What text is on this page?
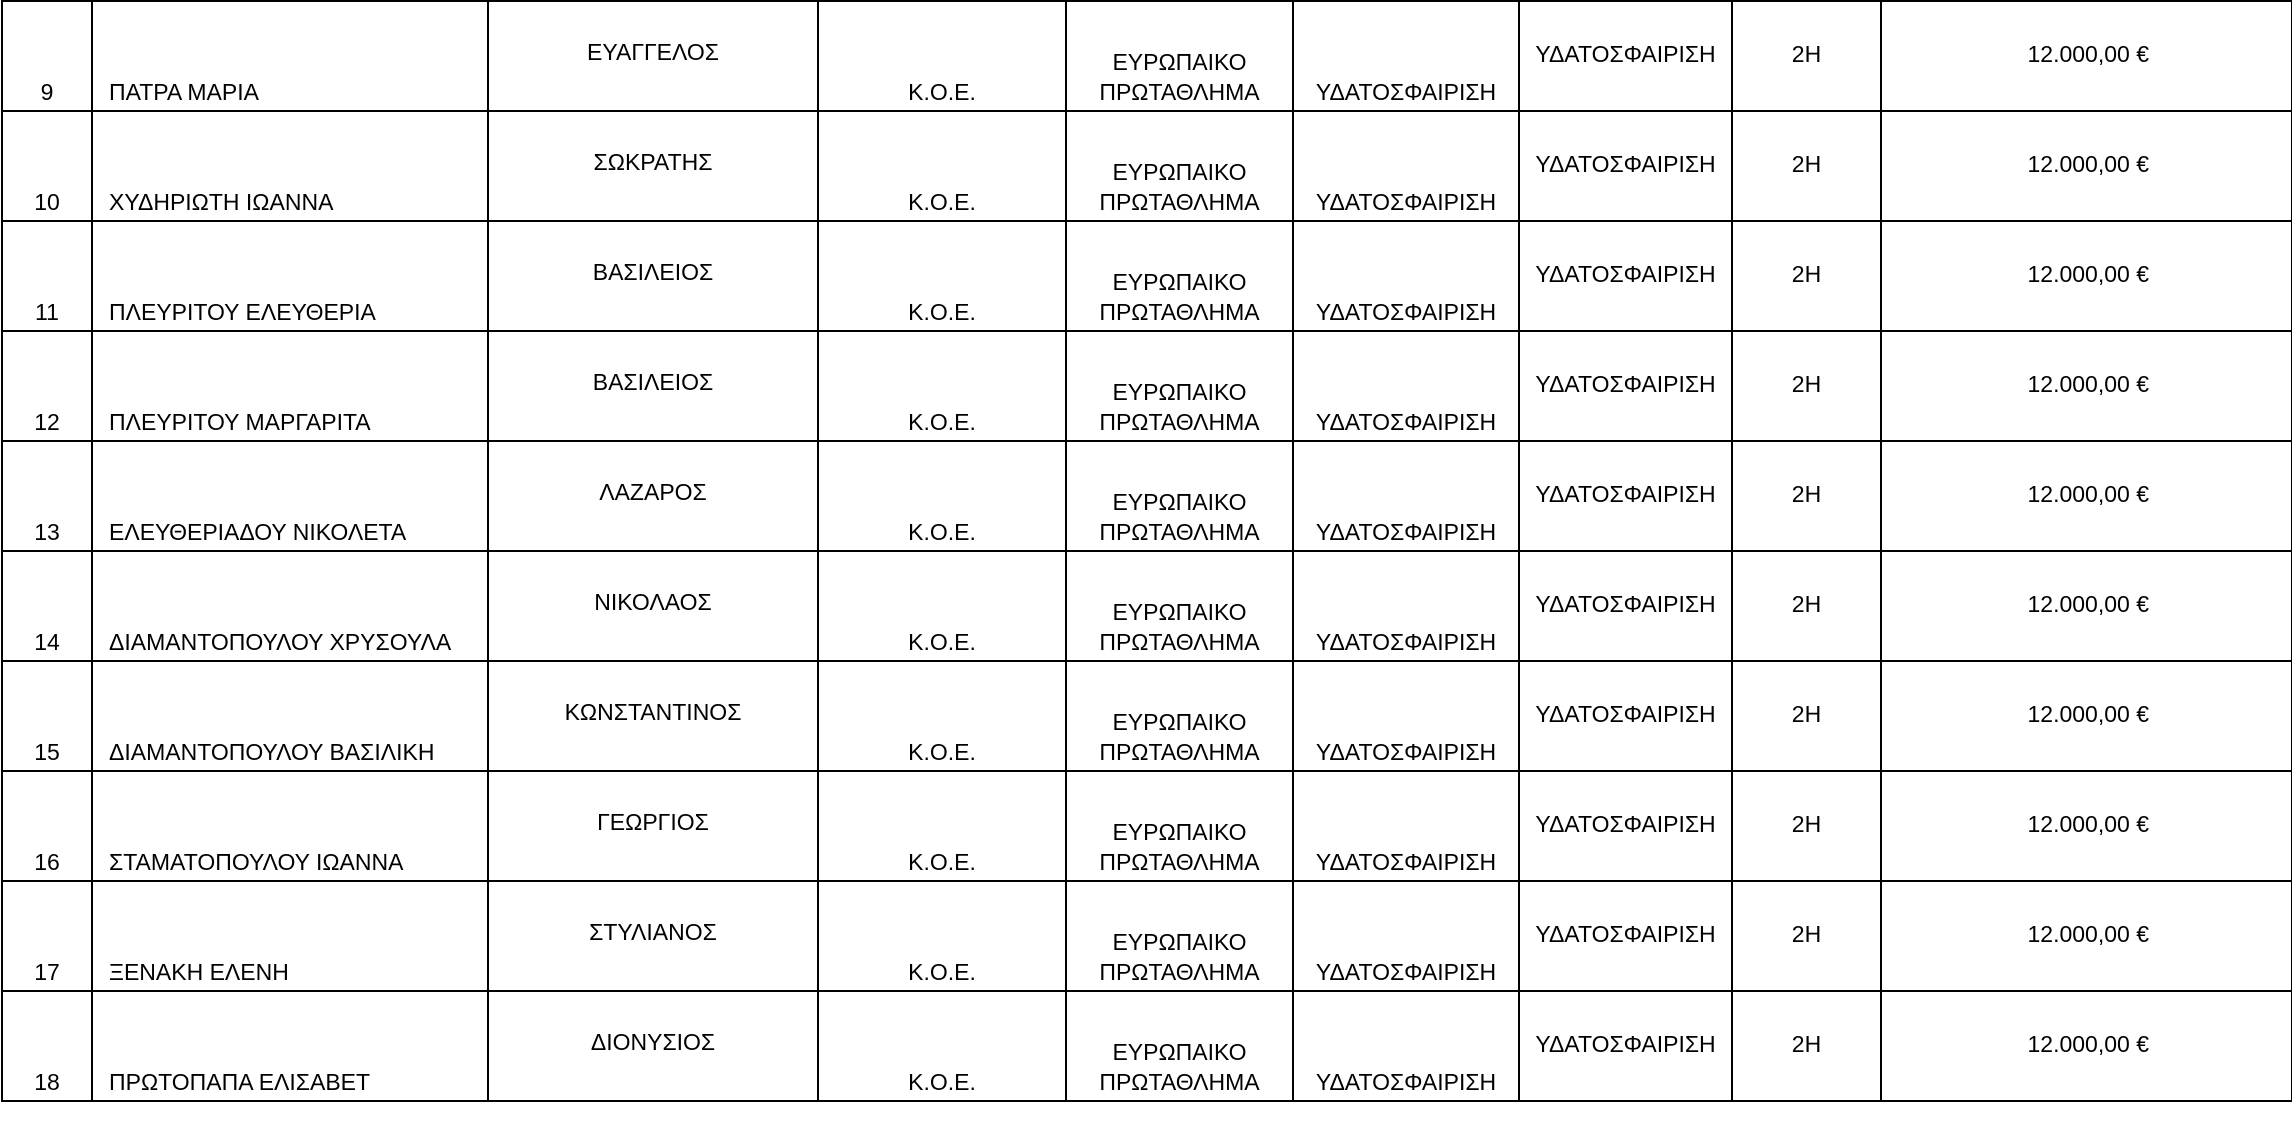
9	ΠΑΤΡΑ ΜΑΡΙΑ	ΕΥΑΓΓΕΛΟΣ	Κ.Ο.Ε.	ΕΥΡΩΠΑΙΚΟ
ΠΡΩΤΑΘΛΗΜΑ	ΥΔΑΤΟΣΦΑΙΡΙΣΗ	ΥΔΑΤΟΣΦΑΙΡΙΣΗ	2Η	12.000,00 €

10	ΧΥΔΗΡΙΩΤΗ ΙΩΑΝΝΑ	ΣΩΚΡΑΤΗΣ	Κ.Ο.Ε.	ΕΥΡΩΠΑΙΚΟ
ΠΡΩΤΑΘΛΗΜΑ	ΥΔΑΤΟΣΦΑΙΡΙΣΗ	ΥΔΑΤΟΣΦΑΙΡΙΣΗ	2Η	12.000,00 €

11	ΠΛΕΥΡΙΤΟΥ ΕΛΕΥΘΕΡΙΑ	ΒΑΣΙΛΕΙΟΣ	Κ.Ο.Ε.	ΕΥΡΩΠΑΙΚΟ
ΠΡΩΤΑΘΛΗΜΑ	ΥΔΑΤΟΣΦΑΙΡΙΣΗ	ΥΔΑΤΟΣΦΑΙΡΙΣΗ	2Η	12.000,00 €

12	ΠΛΕΥΡΙΤΟΥ ΜΑΡΓΑΡΙΤΑ	ΒΑΣΙΛΕΙΟΣ	Κ.Ο.Ε.	ΕΥΡΩΠΑΙΚΟ
ΠΡΩΤΑΘΛΗΜΑ	ΥΔΑΤΟΣΦΑΙΡΙΣΗ	ΥΔΑΤΟΣΦΑΙΡΙΣΗ	2Η	12.000,00 €

13	ΕΛΕΥΘΕΡΙΑΔΟΥ ΝΙΚΟΛΕΤΑ	ΛΑΖΑΡΟΣ	Κ.Ο.Ε.	ΕΥΡΩΠΑΙΚΟ
ΠΡΩΤΑΘΛΗΜΑ	ΥΔΑΤΟΣΦΑΙΡΙΣΗ	ΥΔΑΤΟΣΦΑΙΡΙΣΗ	2Η	12.000,00 €

14	ΔΙΑΜΑΝΤΟΠΟΥΛΟΥ ΧΡΥΣΟΥΛΑ	ΝΙΚΟΛΑΟΣ	Κ.Ο.Ε.	ΕΥΡΩΠΑΙΚΟ
ΠΡΩΤΑΘΛΗΜΑ	ΥΔΑΤΟΣΦΑΙΡΙΣΗ	ΥΔΑΤΟΣΦΑΙΡΙΣΗ	2Η	12.000,00 €

15	ΔΙΑΜΑΝΤΟΠΟΥΛΟΥ ΒΑΣΙΛΙΚΗ	ΚΩΝΣΤΑΝΤΙΝΟΣ	Κ.Ο.Ε.	ΕΥΡΩΠΑΙΚΟ
ΠΡΩΤΑΘΛΗΜΑ	ΥΔΑΤΟΣΦΑΙΡΙΣΗ	ΥΔΑΤΟΣΦΑΙΡΙΣΗ	2Η	12.000,00 €

16	ΣΤΑΜΑΤΟΠΟΥΛΟΥ ΙΩΑΝΝΑ	ΓΕΩΡΓΙΟΣ	Κ.Ο.Ε.	ΕΥΡΩΠΑΙΚΟ
ΠΡΩΤΑΘΛΗΜΑ	ΥΔΑΤΟΣΦΑΙΡΙΣΗ	ΥΔΑΤΟΣΦΑΙΡΙΣΗ	2Η	12.000,00 €

17	ΞΕΝΑΚΗ ΕΛΕΝΗ	ΣΤΥΛΙΑΝΟΣ	Κ.Ο.Ε.	ΕΥΡΩΠΑΙΚΟ
ΠΡΩΤΑΘΛΗΜΑ	ΥΔΑΤΟΣΦΑΙΡΙΣΗ	ΥΔΑΤΟΣΦΑΙΡΙΣΗ	2Η	12.000,00 €

18	ΠΡΩΤΟΠΑΠΑ ΕΛΙΣΑΒΕΤ	ΔΙΟΝΥΣΙΟΣ	Κ.Ο.Ε.	ΕΥΡΩΠΑΙΚΟ
ΠΡΩΤΑΘΛΗΜΑ	ΥΔΑΤΟΣΦΑΙΡΙΣΗ	ΥΔΑΤΟΣΦΑΙΡΙΣΗ	2Η	12.000,00 €
